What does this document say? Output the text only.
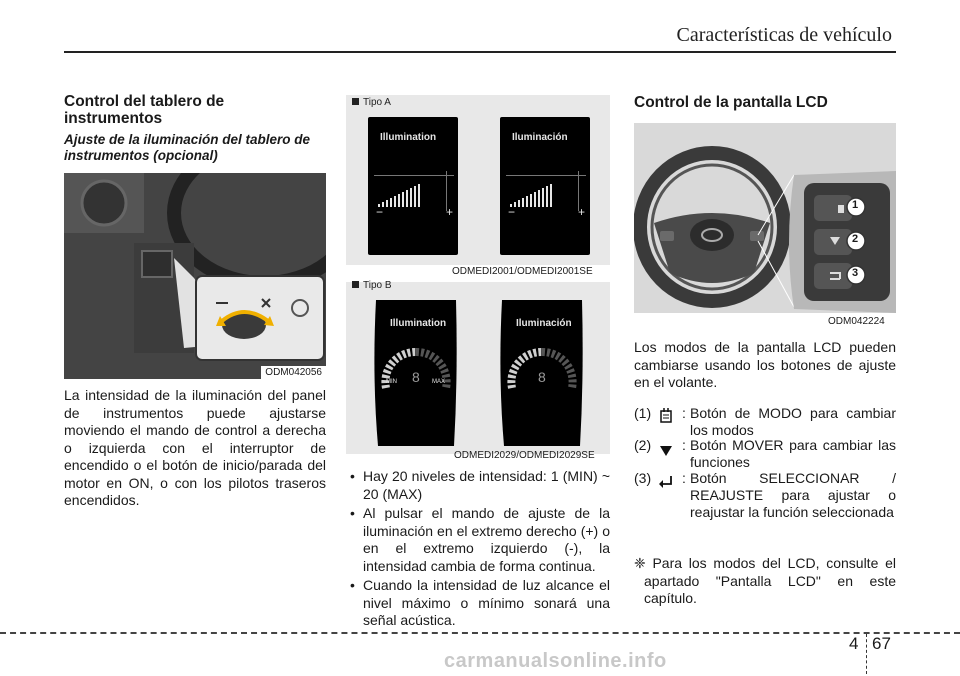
Características de vehículo
Control del tablero de instrumentos
Ajuste de la iluminación del tablero de instrumentos (opcional)
ODM042056
La intensidad de la iluminación del panel de instrumentos puede ajustarse moviendo el mando de control a derecha o izquierda con el interruptor de encendido o el botón de inicio/parada del motor en ON, o con los pilotos traseros encendidos.
Tipo A
Illumination
−	+
Iluminación
−	+
ODMEDI2001/ODMEDI2001SE
Tipo B
Illumination
8
MIN	MAX
Iluminación
8
ODMEDI2029/ODMEDI2029SE
• Hay 20 niveles de intensidad: 1 (MIN) ~ 20 (MAX)
• Al pulsar el mando de ajuste de la iluminación en el extremo derecho (+) o en el extremo izquierdo (-), la intensidad cambia de forma continua.
• Cuando la intensidad de luz alcance el nivel máximo o mínimo sonará una señal acústica.
Control de la pantalla LCD
1
2
3
ODM042224
Los modos de la pantalla LCD pueden cambiarse usando los botones de ajuste en el volante.
(1) : Botón de MODO para cambiar los modos
(2) : Botón MOVER para cambiar las funciones
(3) : Botón SELECCIONAR / REAJUSTE para ajustar o reajustar la función seleccionada
❈ Para los modos del LCD, consulte el apartado "Pantalla LCD" en este capítulo.
4 67
carmanualsonline.info
